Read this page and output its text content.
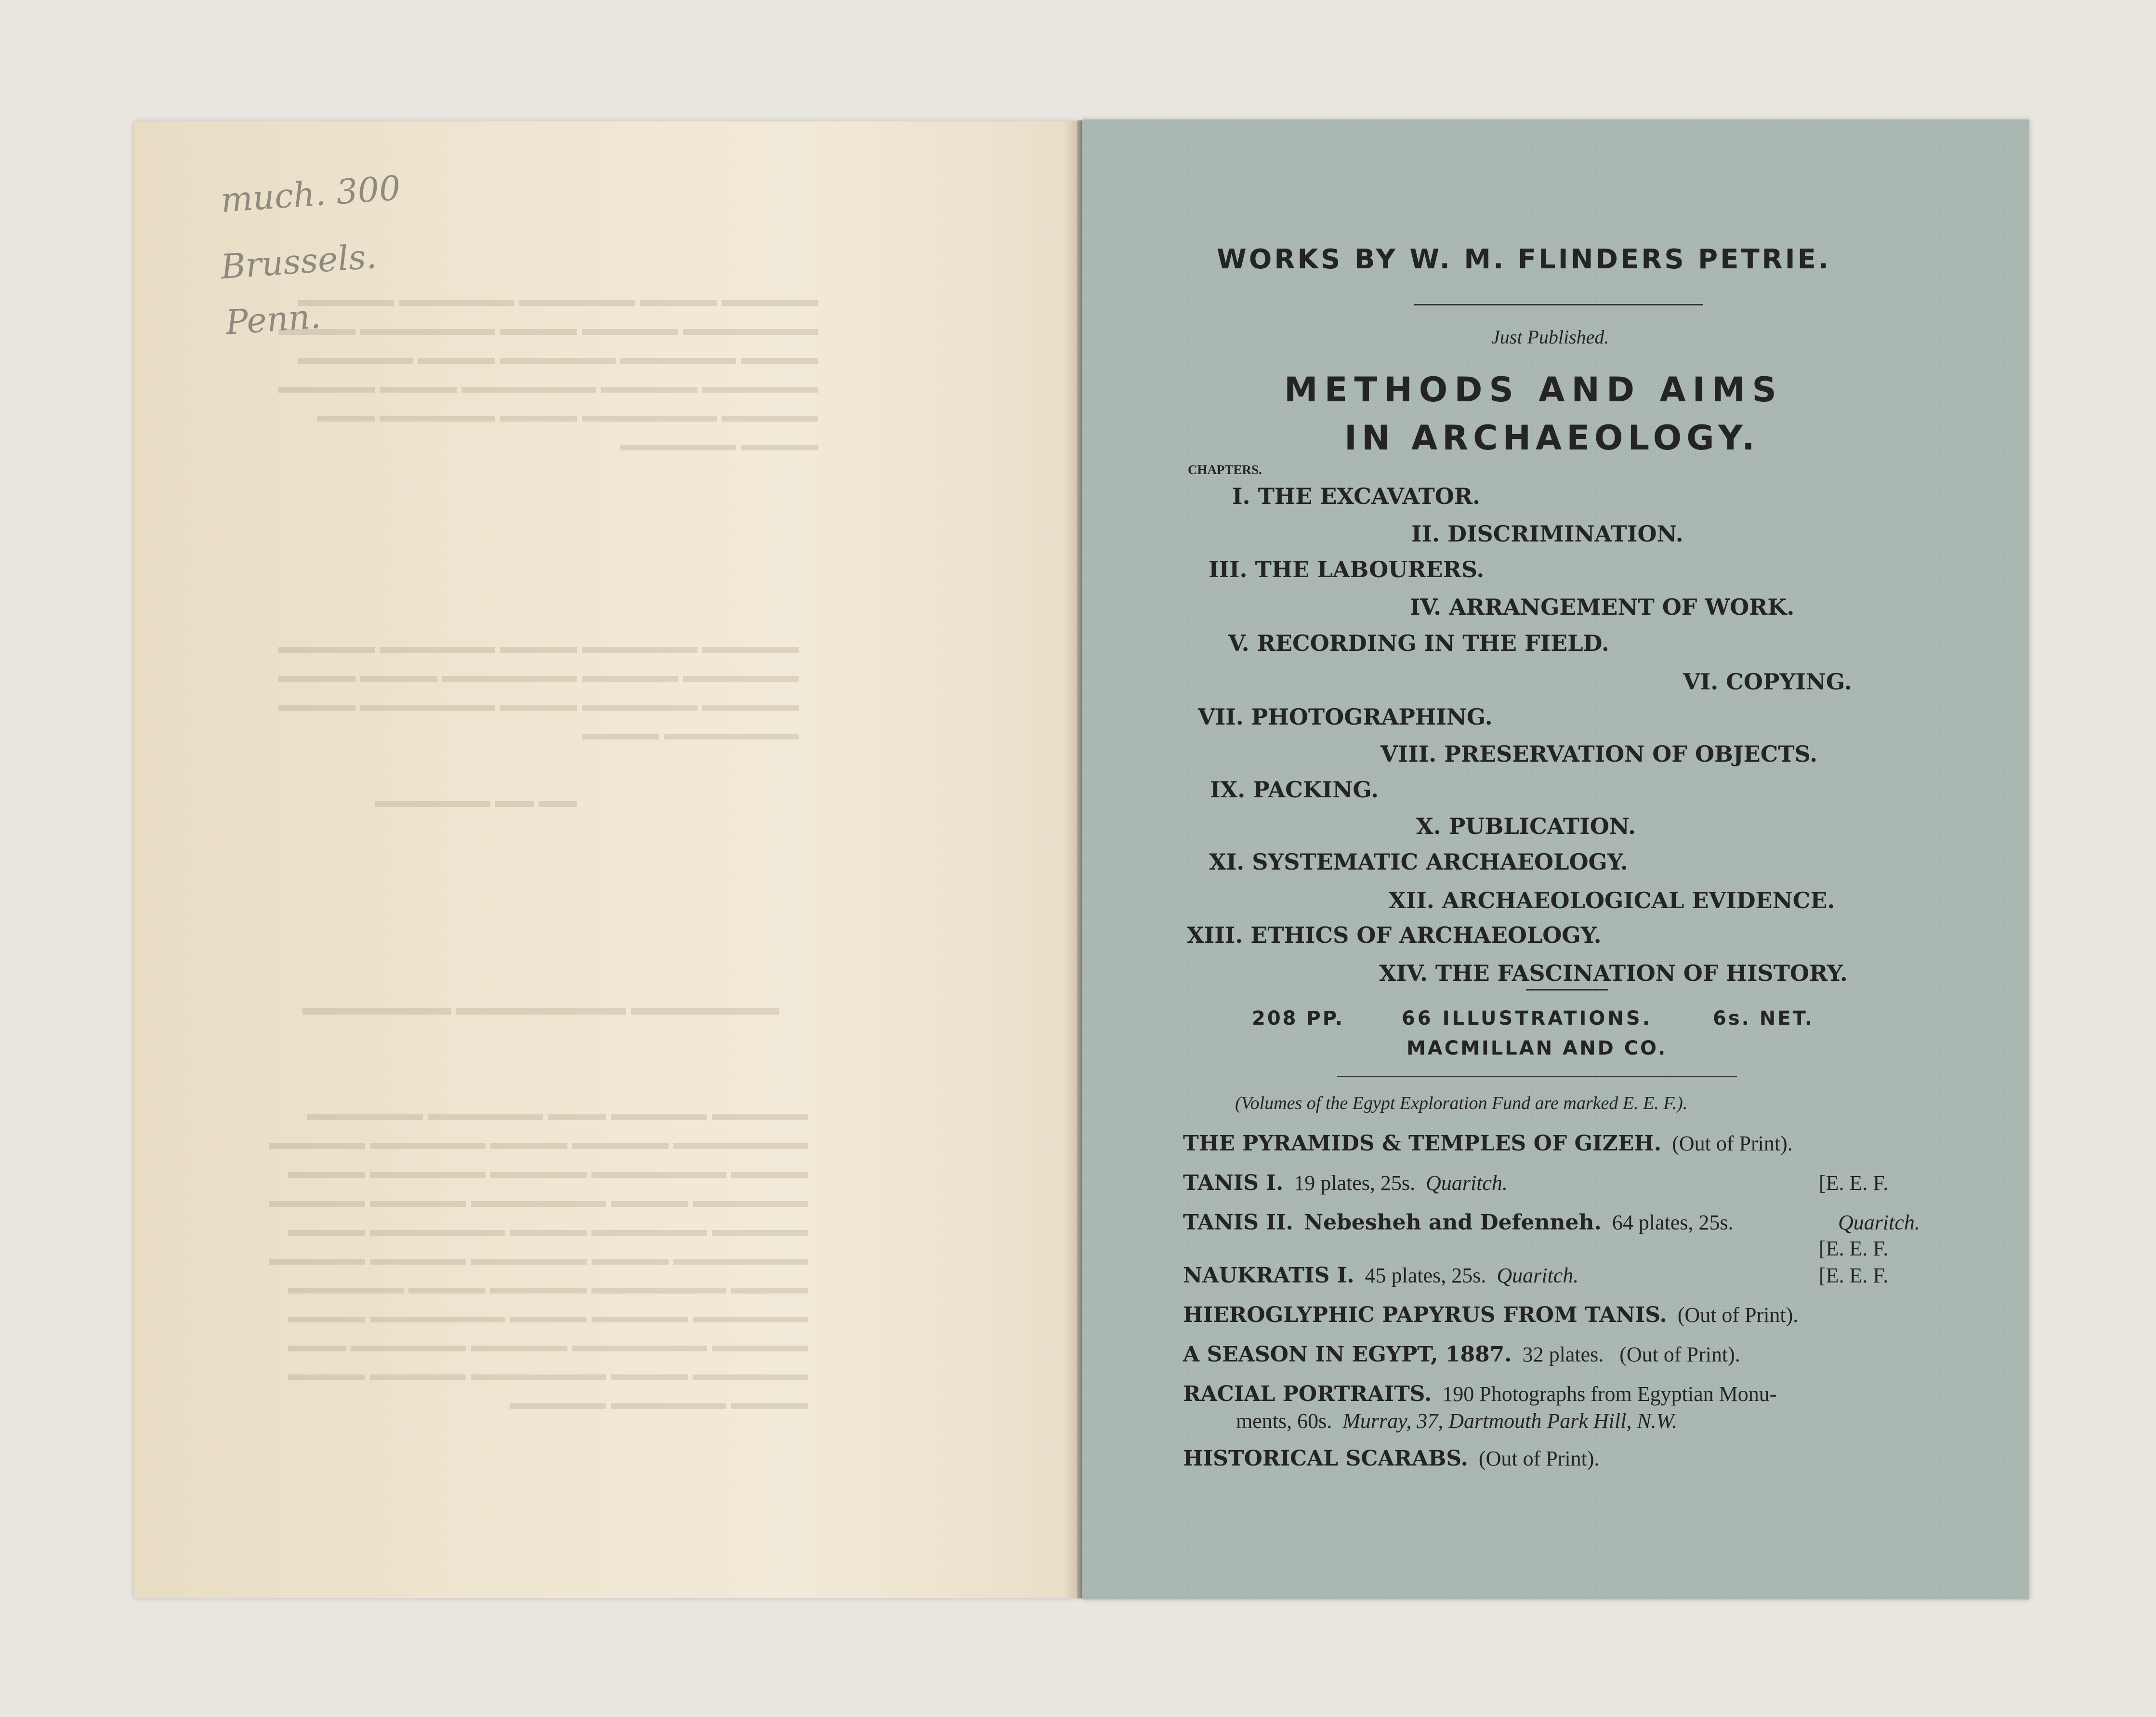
▬▬▬▬▬ ▬▬▬▬ ▬▬▬▬▬▬ ▬▬▬▬▬▬ ▬▬▬▬▬
▬▬▬▬▬▬▬ ▬▬▬▬▬ ▬▬▬▬ ▬▬▬▬▬▬▬ ▬▬▬▬
▬▬▬▬ ▬▬▬▬▬▬ ▬▬▬▬▬▬ ▬▬▬▬ ▬▬▬▬▬▬
▬▬▬▬▬▬ ▬▬▬▬▬ ▬▬▬▬▬▬▬ ▬▬▬▬ ▬▬▬▬▬
▬▬▬▬▬ ▬▬▬▬▬▬▬ ▬▬▬▬ ▬▬▬▬▬▬ ▬▬▬
▬▬▬▬ ▬▬▬▬▬▬
▬▬▬▬▬ ▬▬▬▬▬▬ ▬▬▬▬ ▬▬▬▬▬▬ ▬▬▬▬▬
▬▬▬▬▬▬ ▬▬▬▬▬ ▬▬▬▬▬▬▬ ▬▬▬▬ ▬▬▬▬
▬▬▬▬▬ ▬▬▬▬▬▬ ▬▬▬▬ ▬▬▬▬▬▬▬ ▬▬▬▬
▬▬▬▬▬▬▬ ▬▬▬▬
▬▬ ▬▬ ▬▬▬▬▬▬
▬▬▬▬▬▬▬ ▬▬▬▬▬▬▬▬ ▬▬▬▬▬▬▬
▬▬▬▬▬ ▬▬▬▬▬ ▬▬▬ ▬▬▬▬▬▬ ▬▬▬▬▬▬
▬▬▬▬▬▬▬ ▬▬▬▬▬ ▬▬▬▬ ▬▬▬▬▬▬ ▬▬▬▬▬
▬▬▬▬ ▬▬▬▬▬▬▬ ▬▬▬▬▬ ▬▬▬▬▬▬ ▬▬▬▬
▬▬▬▬▬▬ ▬▬▬▬ ▬▬▬▬▬▬▬ ▬▬▬▬▬ ▬▬▬▬▬
▬▬▬▬▬ ▬▬▬▬▬▬ ▬▬▬▬ ▬▬▬▬▬▬▬ ▬▬▬▬
▬▬▬▬▬▬▬ ▬▬▬▬ ▬▬▬▬▬▬ ▬▬▬▬▬ ▬▬▬▬▬
▬▬▬▬ ▬▬▬▬▬▬▬ ▬▬▬▬▬ ▬▬▬▬ ▬▬▬▬▬▬
▬▬▬▬▬▬ ▬▬▬▬▬ ▬▬▬▬ ▬▬▬▬▬▬▬ ▬▬▬▬
▬▬▬▬▬ ▬▬▬▬▬▬▬ ▬▬▬▬▬ ▬▬▬▬▬▬ ▬▬▬
▬▬▬▬▬▬ ▬▬▬▬ ▬▬▬▬▬▬▬ ▬▬▬▬▬ ▬▬▬▬
▬▬▬▬ ▬▬▬▬▬▬ ▬▬▬▬▬
much. 300
Brussels.
Penn.
WORKS BY W. M. FLINDERS PETRIE.
Just Published.
METHODS AND AIMS
IN ARCHAEOLOGY.
CHAPTERS.
I. THE EXCAVATOR.
II. DISCRIMINATION.
III. THE LABOURERS.
IV. ARRANGEMENT OF WORK.
V. RECORDING IN THE FIELD.
VI. COPYING.
VII. PHOTOGRAPHING.
VIII. PRESERVATION OF OBJECTS.
IX. PACKING.
X. PUBLICATION.
XI. SYSTEMATIC ARCHAEOLOGY.
XII. ARCHAEOLOGICAL EVIDENCE.
XIII. ETHICS OF ARCHAEOLOGY.
XIV. THE FASCINATION OF HISTORY.
208 PP.	66 ILLUSTRATIONS.	6s. NET.
MACMILLAN AND CO.
(Volumes of the Egypt Exploration Fund are marked E. E. F.).
THE PYRAMIDS & TEMPLES OF GIZEH. (Out of Print).
TANIS I. 19 plates, 25s. Quaritch.	[E. E. F.
TANIS II. Nebesheh and Defenneh. 64 plates, 25s.	Quaritch.
[E. E. F.
NAUKRATIS I. 45 plates, 25s. Quaritch.	[E. E. F.
HIEROGLYPHIC PAPYRUS FROM TANIS. (Out of Print).
A SEASON IN EGYPT, 1887. 32 plates. (Out of Print).
RACIAL PORTRAITS. 190 Photographs from Egyptian Monu-
ments, 60s. Murray, 37, Dartmouth Park Hill, N.W.
HISTORICAL SCARABS. (Out of Print).
